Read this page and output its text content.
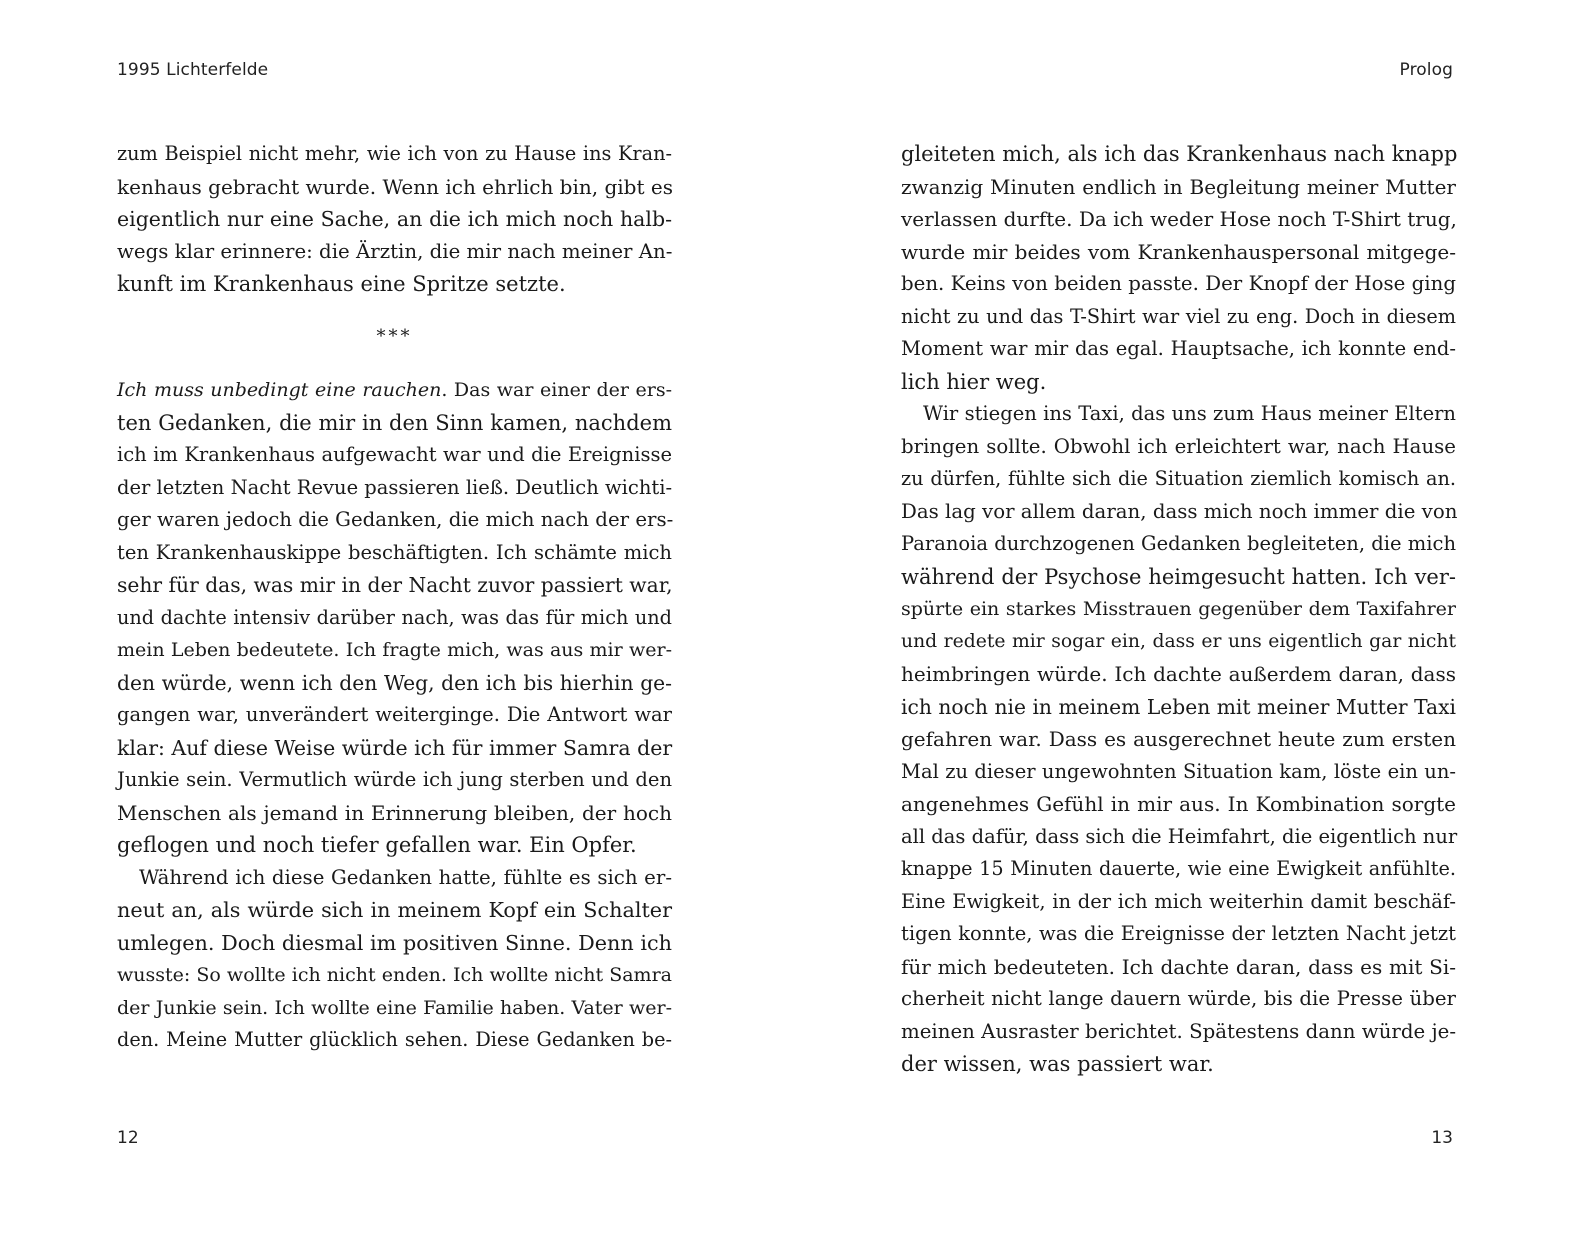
1995 Lichterfelde

zum Beispiel nicht mehr, wie ich von zu Hause ins Kran-
kenhaus gebracht wurde. Wenn ich ehrlich bin, gibt es
eigentlich nur eine Sache, an die ich mich noch halb-
wegs klar erinnere: die Ärztin, die mir nach meiner An-
kunft im Krankenhaus eine Spritze setzte.

***

Ich muss unbedingt eine rauchen. Das war einer der ers-
ten Gedanken, die mir in den Sinn kamen, nachdem
ich im Krankenhaus aufgewacht war und die Ereignisse
der letzten Nacht Revue passieren ließ. Deutlich wichti-
ger waren jedoch die Gedanken, die mich nach der ers-
ten Krankenhauskippe beschäftigten. Ich schämte mich
sehr für das, was mir in der Nacht zuvor passiert war,
und dachte intensiv darüber nach, was das für mich und
mein Leben bedeutete. Ich fragte mich, was aus mir wer-
den würde, wenn ich den Weg, den ich bis hierhin ge-
gangen war, unverändert weiterginge. Die Antwort war
klar: Auf diese Weise würde ich für immer Samra der
Junkie sein. Vermutlich würde ich jung sterben und den
Menschen als jemand in Erinnerung bleiben, der hoch
geflogen und noch tiefer gefallen war. Ein Opfer.

Während ich diese Gedanken hatte, fühlte es sich er-
neut an, als würde sich in meinem Kopf ein Schalter
umlegen. Doch diesmal im positiven Sinne. Denn ich
wusste: So wollte ich nicht enden. Ich wollte nicht Samra
der Junkie sein. Ich wollte eine Familie haben. Vater wer-
den. Meine Mutter glücklich sehen. Diese Gedanken be-

12
Prolog

gleiteten mich, als ich das Krankenhaus nach knapp
zwanzig Minuten endlich in Begleitung meiner Mutter
verlassen durfte. Da ich weder Hose noch T-Shirt trug,
wurde mir beides vom Krankenhauspersonal mitgege-
ben. Keins von beiden passte. Der Knopf der Hose ging
nicht zu und das T-Shirt war viel zu eng. Doch in diesem
Moment war mir das egal. Hauptsache, ich konnte end-
lich hier weg.

Wir stiegen ins Taxi, das uns zum Haus meiner Eltern
bringen sollte. Obwohl ich erleichtert war, nach Hause
zu dürfen, fühlte sich die Situation ziemlich komisch an.
Das lag vor allem daran, dass mich noch immer die von
Paranoia durchzogenen Gedanken begleiteten, die mich
während der Psychose heimgesucht hatten. Ich ver-
spürte ein starkes Misstrauen gegenüber dem Taxifahrer
und redete mir sogar ein, dass er uns eigentlich gar nicht
heimbringen würde. Ich dachte außerdem daran, dass
ich noch nie in meinem Leben mit meiner Mutter Taxi
gefahren war. Dass es ausgerechnet heute zum ersten
Mal zu dieser ungewohnten Situation kam, löste ein un-
angenehmes Gefühl in mir aus. In Kombination sorgte
all das dafür, dass sich die Heimfahrt, die eigentlich nur
knappe 15 Minuten dauerte, wie eine Ewigkeit anfühlte.
Eine Ewigkeit, in der ich mich weiterhin damit beschäf-
tigen konnte, was die Ereignisse der letzten Nacht jetzt
für mich bedeuteten. Ich dachte daran, dass es mit Si-
cherheit nicht lange dauern würde, bis die Presse über
meinen Ausraster berichtet. Spätestens dann würde je-
der wissen, was passiert war.

13
